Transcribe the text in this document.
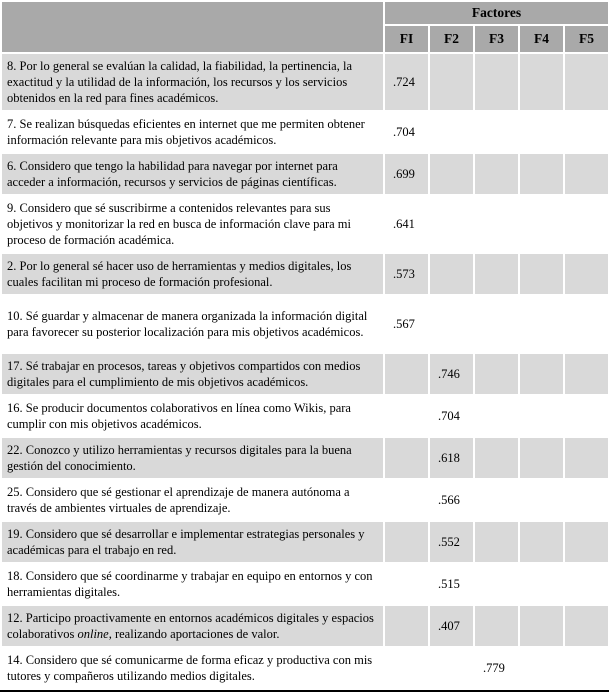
	Factores				
	FI	F2	F3	F4	F5
8. Por lo general se evalúan la calidad, la fiabilidad, la pertinencia, la exactitud y la utilidad de la información, los recursos y los servicios obtenidos en la red para fines académicos.	.724				
7. Se realizan búsquedas eficientes en internet que me permiten obtener información relevante para mis objetivos académicos.	.704				
6. Considero que tengo la habilidad para navegar por internet para acceder a información, recursos y servicios de páginas científicas.	.699				
9. Considero que sé suscribirme a contenidos relevantes para sus objetivos y monitorizar la red en busca de información clave para mi proceso de formación académica.	.641				
2. Por lo general sé hacer uso de herramientas y medios digitales, los cuales facilitan mi proceso de formación profesional.	.573				
10. Sé guardar y almacenar de manera organizada la información digital para favorecer su posterior localización para mis objetivos académicos.	.567				
17. Sé trabajar en procesos, tareas y objetivos compartidos con medios digitales para el cumplimiento de mis objetivos académicos.		.746			
16. Se producir documentos colaborativos en línea como Wikis, para cumplir con mis objetivos académicos.		.704			
22. Conozco y utilizo herramientas y recursos digitales para la buena gestión del conocimiento.		.618			
25. Considero que sé gestionar el aprendizaje de manera autónoma a través de ambientes virtuales de aprendizaje.		.566			
19. Considero que sé desarrollar e implementar estrategias personales y académicas para el trabajo en red.		.552			
18. Considero que sé coordinarme y trabajar en equipo en entornos y con herramientas digitales.		.515			
12. Participo proactivamente en entornos académicos digitales y espacios colaborativos online, realizando aportaciones de valor.		.407			
14. Considero que sé comunicarme de forma eficaz y productiva con mis tutores y compañeros utilizando medios digitales.			.779		
